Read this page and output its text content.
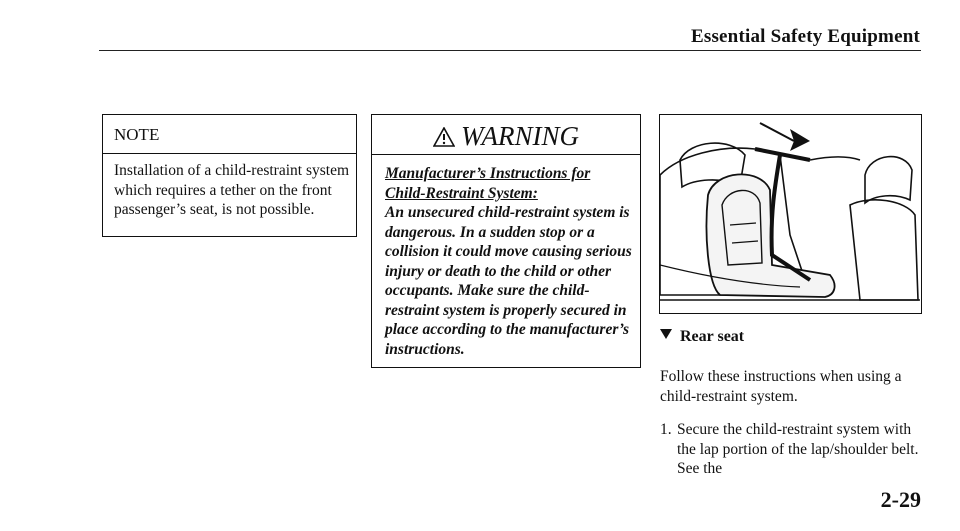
Essential Safety Equipment
NOTE
Installation of a child-restraint system which requires a tether on the front passenger’s seat, is not possible.
WARNING
Manufacturer’s Instructions for Child-Restraint System:
An unsecured child-restraint system is dangerous. In a sudden stop or a collision it could move causing serious injury or death to the child or other occupants. Make sure the child-restraint system is properly secured in place according to the manufacturer’s instructions.
Rear seat
Follow these instructions when using a child-restraint system.
1. Secure the child-restraint system with the lap portion of the lap/shoulder belt. See the
2-29
